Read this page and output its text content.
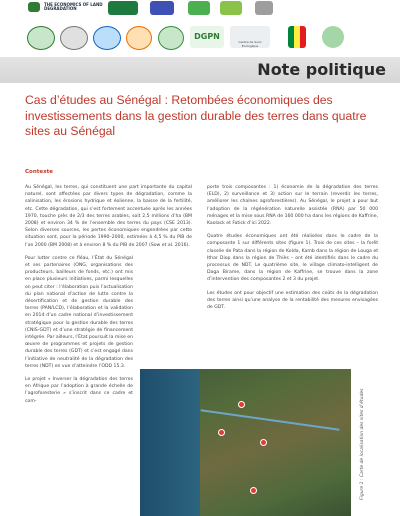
THE ECONOMICS OF LAND DEGRADATION
DGPN
Centre de Suivi Ecologique
Note politique
Cas d’études au Sénégal : Retombées économiques des investissements dans la gestion durable des terres dans quatre sites au Sénégal
Contexte

Au Sénégal, les terres, qui constituent une part importante du capital naturel, sont affectées par divers types de dégradation, comme la salinisation, les érosions hydrique et éolienne, la baisse de la fertilité, etc. Cette dégradation, qui s’est fortement accentuée après les années 1970, touche près de 2/3 des terres arables, soit 2,5 millions d’ha (BM 2008) et environ 34 % de l’ensemble des terres du pays (CSE 2013). Selon diverses sources, les pertes économiques engendrées par cette situation sont, pour la période 1990–2000, estimées à 4,5 % du PIB de l’an 2000 (BM 2008) et à environ 8 % du PIB de 2007 (Sow et al. 2016).

Pour lutter contre ce fléau, l’État du Sénégal et ses partenaires (ONG, organisations des producteurs, bailleurs de fonds, etc.) ont mis en place plusieurs initiatives, parmi lesquelles on peut citer : l’élaboration puis l’actualisation du plan national d’action de lutte contre la désertification et de gestion durable des terres (PAN/LCD), l’élaboration et la validation en 2014 d’un cadre national d’investissement stratégique pour la gestion durable des terres (CNIS-GDT) et d’une stratégie de financement intégrée. Par ailleurs, l’État poursuit la mise en œuvre de programmes et projets de gestion durable des terres (GDT) et s’est engagé dans l’initiative de neutralité de la dégradation des terres (NDT) en vue d’atteindre l’ODD 15.3.

Le projet « Inverser la dégradation des terres en Afrique par l’adoption à grande échelle de l’agroforesterie » s’inscrit dans ce cadre et com-

porte trois composantes : 1) économie de la dégradation des terres (ELD), 2) surveillance et 3) action sur le terrain (reverdir les terres, améliorer les chaînes agroforestières). Au Sénégal, le projet a pour but l’adoption de la régénération naturelle assistée (RNA) par 50 000 ménages et la mise sous RNA de 160 000 ha dans les régions de Kaffrine, Kaolack et Fatick d’ici 2022.

Quatre études économiques ont été réalisées dans le cadre de la composante 1 sur différents sites (figure 1). Trois de ces sites – la forêt classée de Pata dans la région de Kolda, Kamb dans la région de Louga et Ithar Diop dans la région de Thiès – ont été identifiés dans le cadre du processus de NDT. Le quatrième site, le village climato-intelligent de Daga Birame, dans la région de Kaffrine, se trouve dans la zone d’intervention des composantes 2 et 3 du projet.

Les études ont pour objectif une estimation des coûts de la dégradation des terres ainsi qu’une analyse de la rentabilité des mesures envisagées de GDT.

Figure 1 : Carte de localisation des sites d’études
